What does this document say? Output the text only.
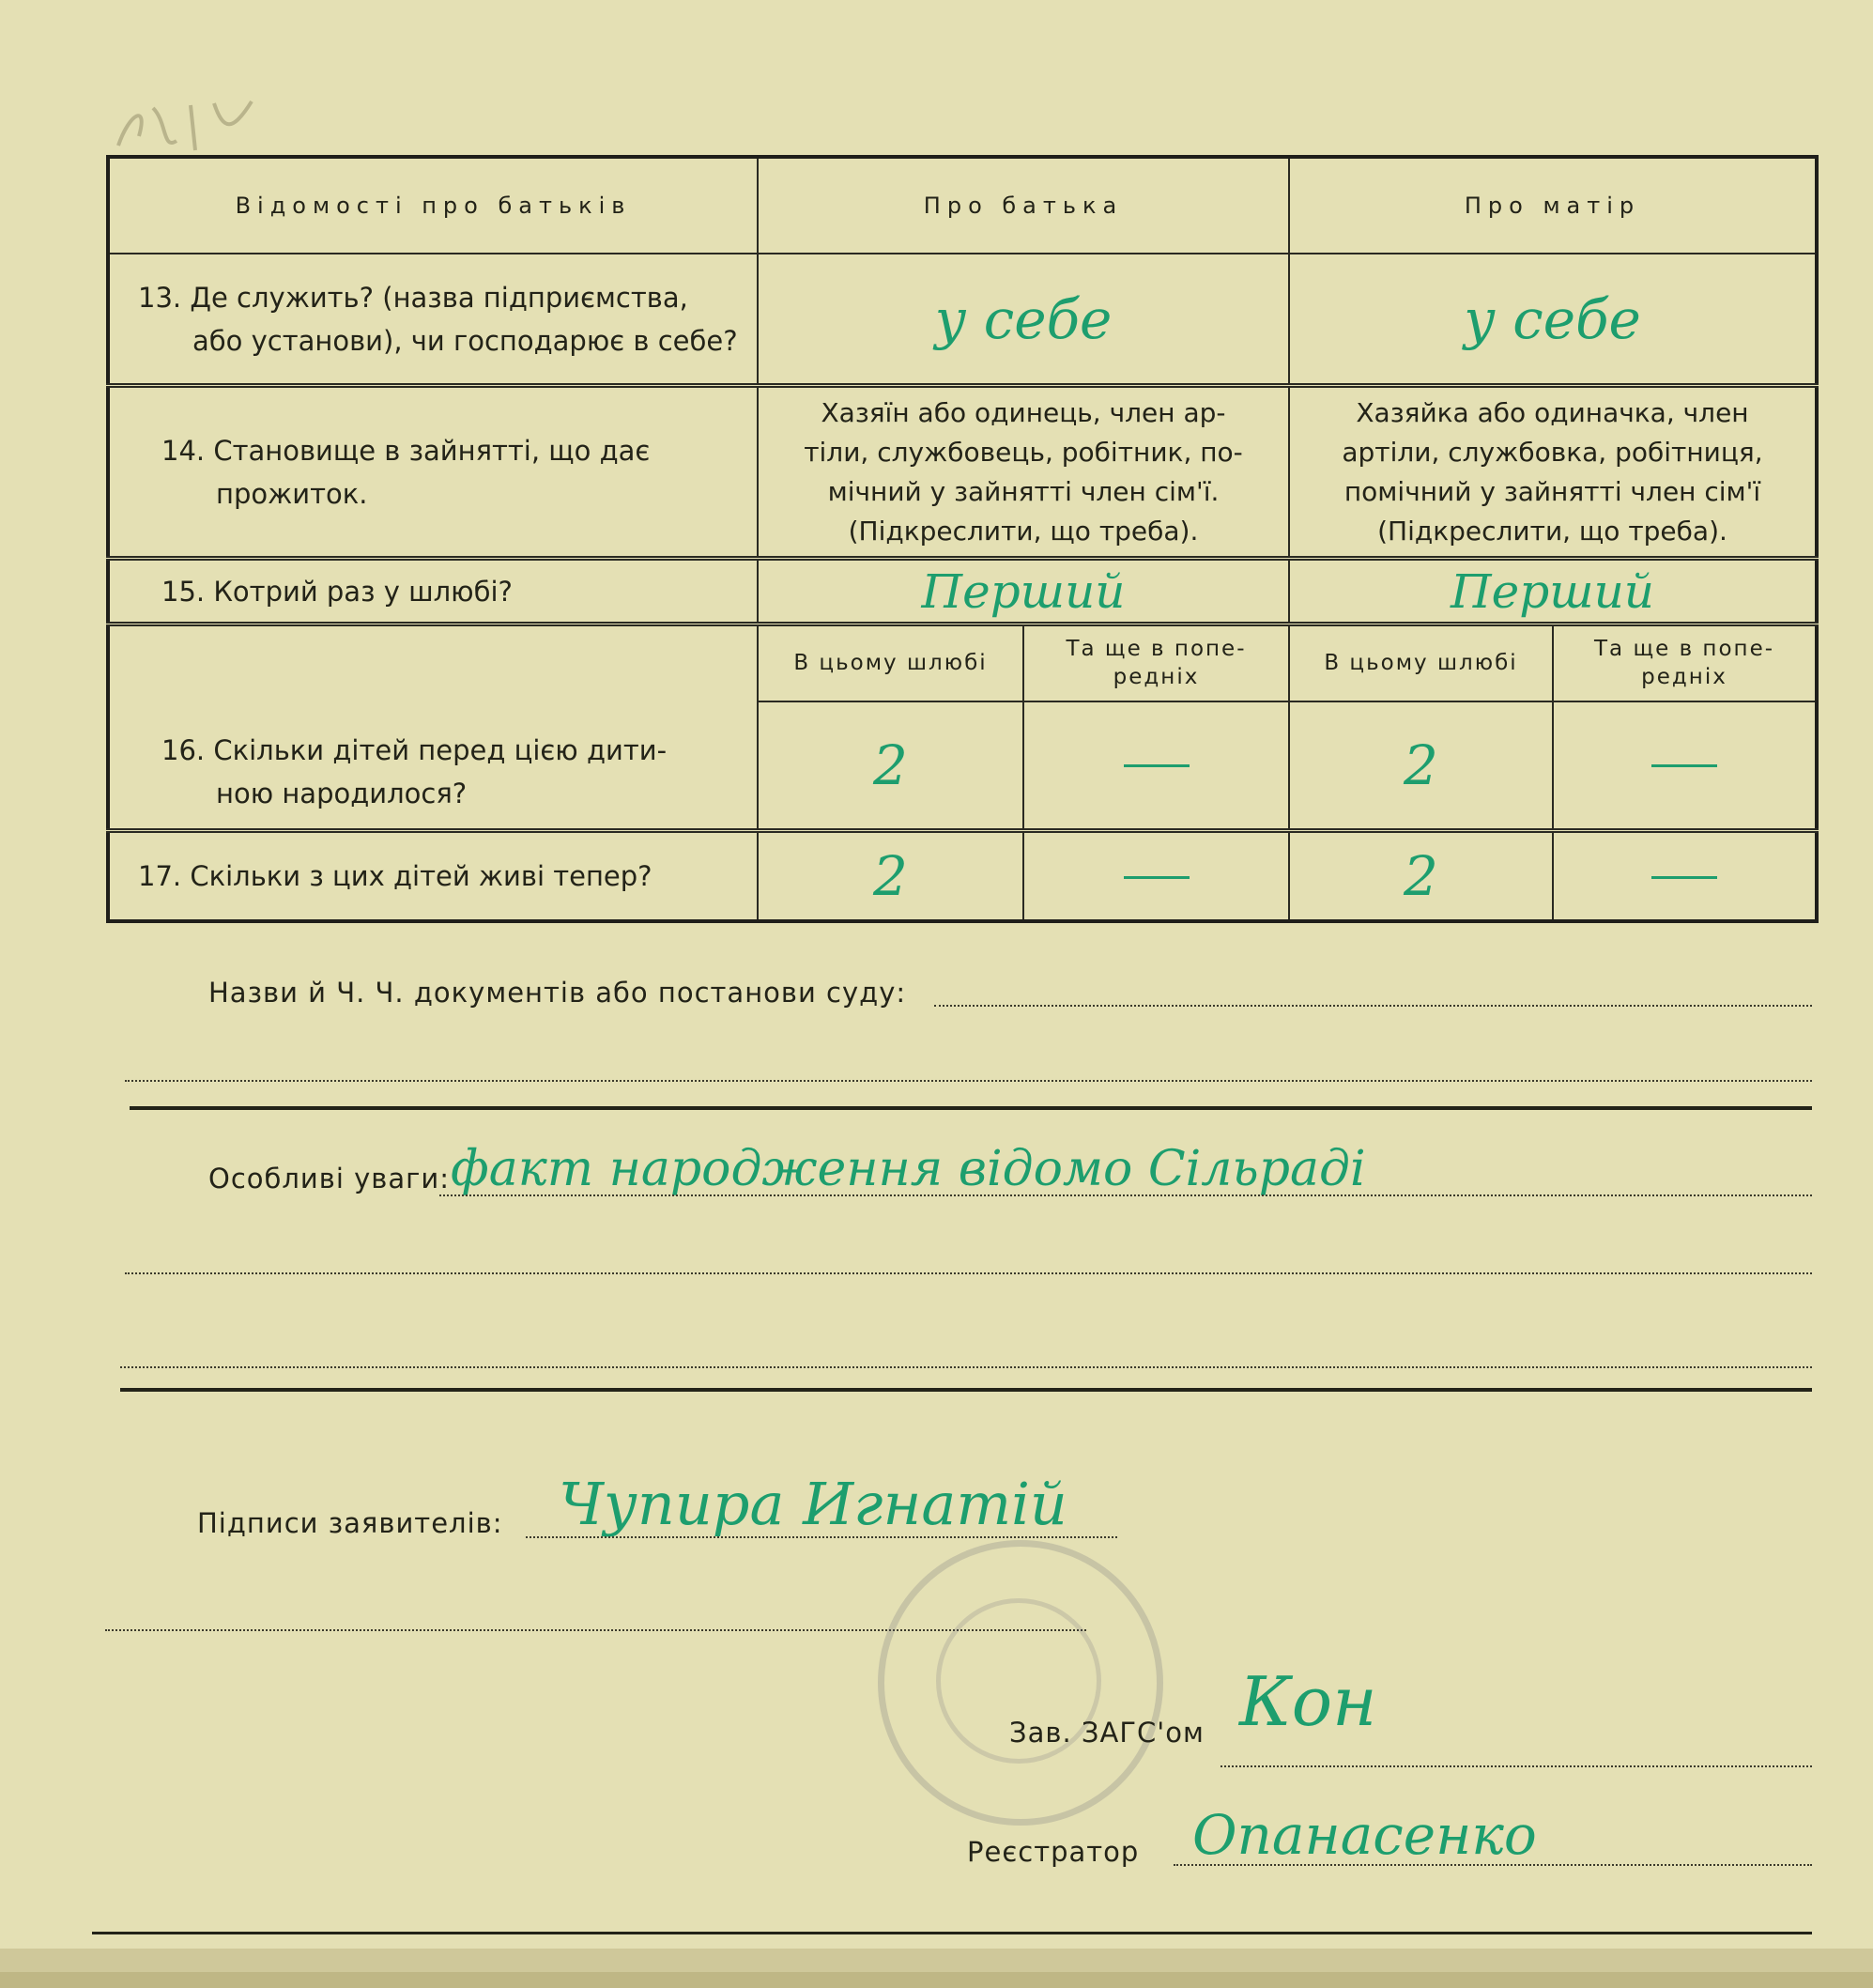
Відомості про батьків	Про батька		Про матір	
13. Де служить? (назва підприємства,
або установи), чи господарює в себе?	у себе		у себе	
14. Становище в зайнятті, що дає

прожиток.	Хазяїн або одинець, член ар-
тіли, службовець, робітник, по-
мічний у зайнятті член сім'ї.
(Підкреслити, що треба).		Хазяйка або одиначка, член
артіли, службовка, робітниця,
помічний у зайнятті член сім'ї
(Підкреслити, що треба).	

15. Котрий раз у шлюбі?	Перший		Перший	
16. Скільки дітей перед цією дити-
ною народилося?	В цьому шлюбі	Та ще в попе- редніх	В цьому шлюбі	Та ще в попе- редніх
	2		2	
17. Скільки з цих дітей живі тепер?	2		2	
Назви й Ч. Ч. документів або постанови суду:
Особливі уваги: факт народження відомо Сільраді
Підписи заявителів: Чупира Игнатій
Зав. ЗАГС'ом Кон
Реєстратор Опанасенко
